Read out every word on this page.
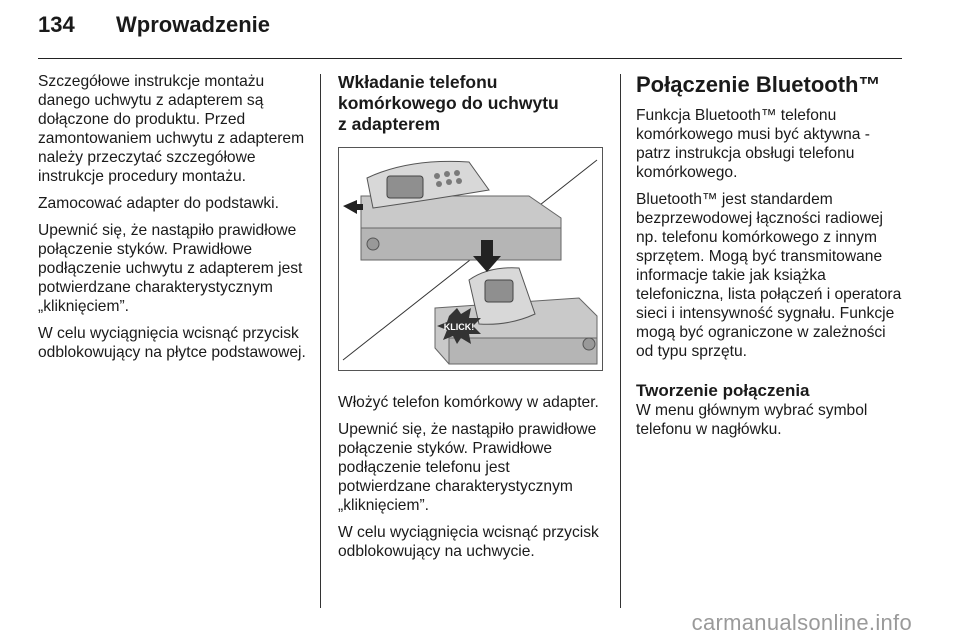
134	Wprowadzenie

Szczegółowe instrukcje montażu danego uchwytu z adapterem są dołączone do produktu. Przed zamontowaniem uchwytu z adapterem należy przeczytać szczegółowe instrukcje procedury montażu.

Zamocować adapter do podstawki.

Upewnić się, że nastąpiło prawidłowe połączenie styków. Prawidłowe podłączenie uchwytu z adapterem jest potwierdzane charakterystycznym „kliknięciem”.

W celu wyciągnięcia wcisnąć przycisk odblokowujący na płytce podstawowej.

Wkładanie telefonu
komórkowego do uchwytu
z adapterem
KLICK!

Włożyć telefon komórkowy w adapter.

Upewnić się, że nastąpiło prawidłowe połączenie styków. Prawidłowe podłączenie telefonu jest potwierdzane charakterystycznym „kliknięciem”.

W celu wyciągnięcia wcisnąć przycisk odblokowujący na uchwycie.

Połączenie Bluetooth™

Funkcja Bluetooth™ telefonu komórkowego musi być aktywna - patrz instrukcja obsługi telefonu komórkowego.

Bluetooth™ jest standardem bezprzewodowej łączności radiowej np. telefonu komórkowego z innym sprzętem. Mogą być transmitowane informacje takie jak książka telefoniczna, lista połączeń i operatora sieci i intensywność sygnału. Funkcje mogą być ograniczone w zależności od typu sprzętu.

Tworzenie połączenia

W menu głównym wybrać symbol telefonu w nagłówku.

carmanualsonline.info
